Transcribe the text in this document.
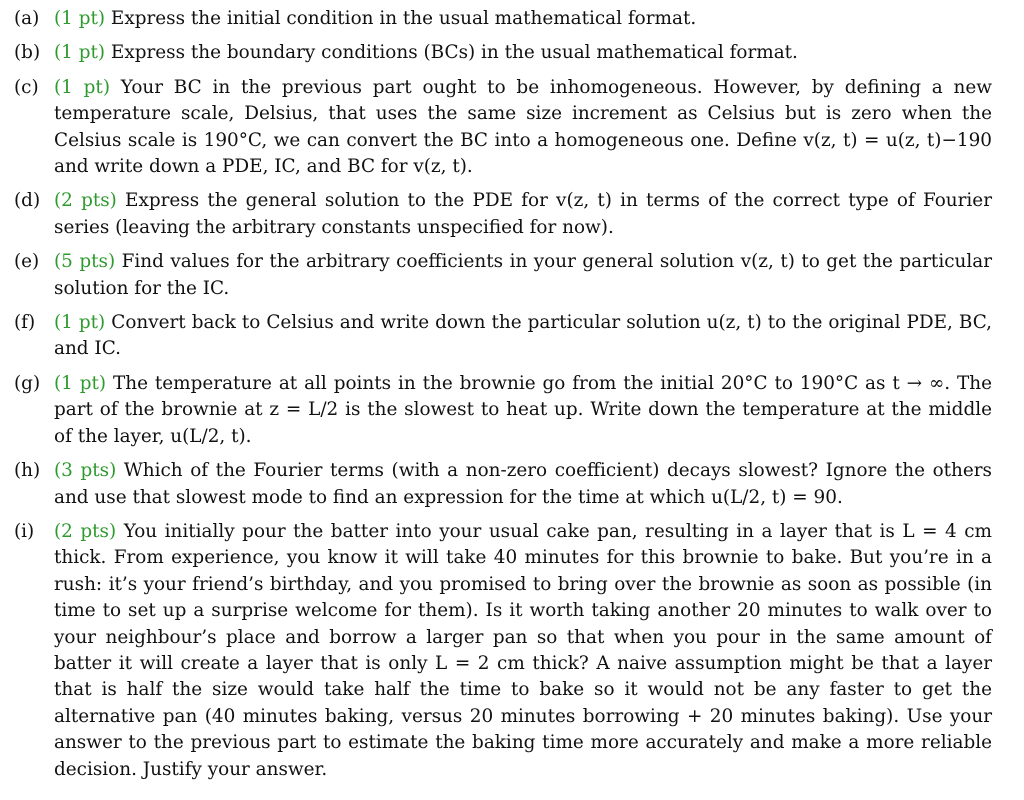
(a) (1 pt) Express the initial condition in the usual mathematical format.
(b) (1 pt) Express the boundary conditions (BCs) in the usual mathematical format.
(c) (1 pt) Your BC in the previous part ought to be inhomogeneous. However, by defining a new temperature scale, Delsius, that uses the same size increment as Celsius but is zero when the Celsius scale is 190°C, we can convert the BC into a homogeneous one. Define v(z, t) = u(z, t)−190 and write down a PDE, IC, and BC for v(z, t).
(d) (2 pts) Express the general solution to the PDE for v(z, t) in terms of the correct type of Fourier series (leaving the arbitrary constants unspecified for now).
(e) (5 pts) Find values for the arbitrary coefficients in your general solution v(z, t) to get the particular solution for the IC.
(f)	(1 pt) Convert back to Celsius and write down the particular solution u(z, t) to the original PDE, BC, and IC.
(g) (1 pt) The temperature at all points in the brownie go from the initial 20°C to 190°C as t → ∞. The part of the brownie at z = L/2 is the slowest to heat up. Write down the temperature at the middle of the layer, u(L/2, t).
(h) (3 pts) Which of the Fourier terms (with a non-zero coefficient) decays slowest? Ignore the others and use that slowest mode to find an expression for the time at which u(L/2, t) = 90.
(i)	(2 pts) You initially pour the batter into your usual cake pan, resulting in a layer that is L = 4 cm thick. From experience, you know it will take 40 minutes for this brownie to bake. But you’re in a rush: it’s your friend’s birthday, and you promised to bring over the brownie as soon as possible (in time to set up a surprise welcome for them). Is it worth taking another 20 minutes to walk over to your neighbour’s place and borrow a larger pan so that when you pour in the same amount of batter it will create a layer that is only L = 2 cm thick? A naive assumption might be that a layer that is half the size would take half the time to bake so it would not be any faster to get the alternative pan (40 minutes baking, versus 20 minutes borrowing + 20 minutes baking). Use your answer to the previous part to estimate the baking time more accurately and make a more reliable decision. Justify your answer.
